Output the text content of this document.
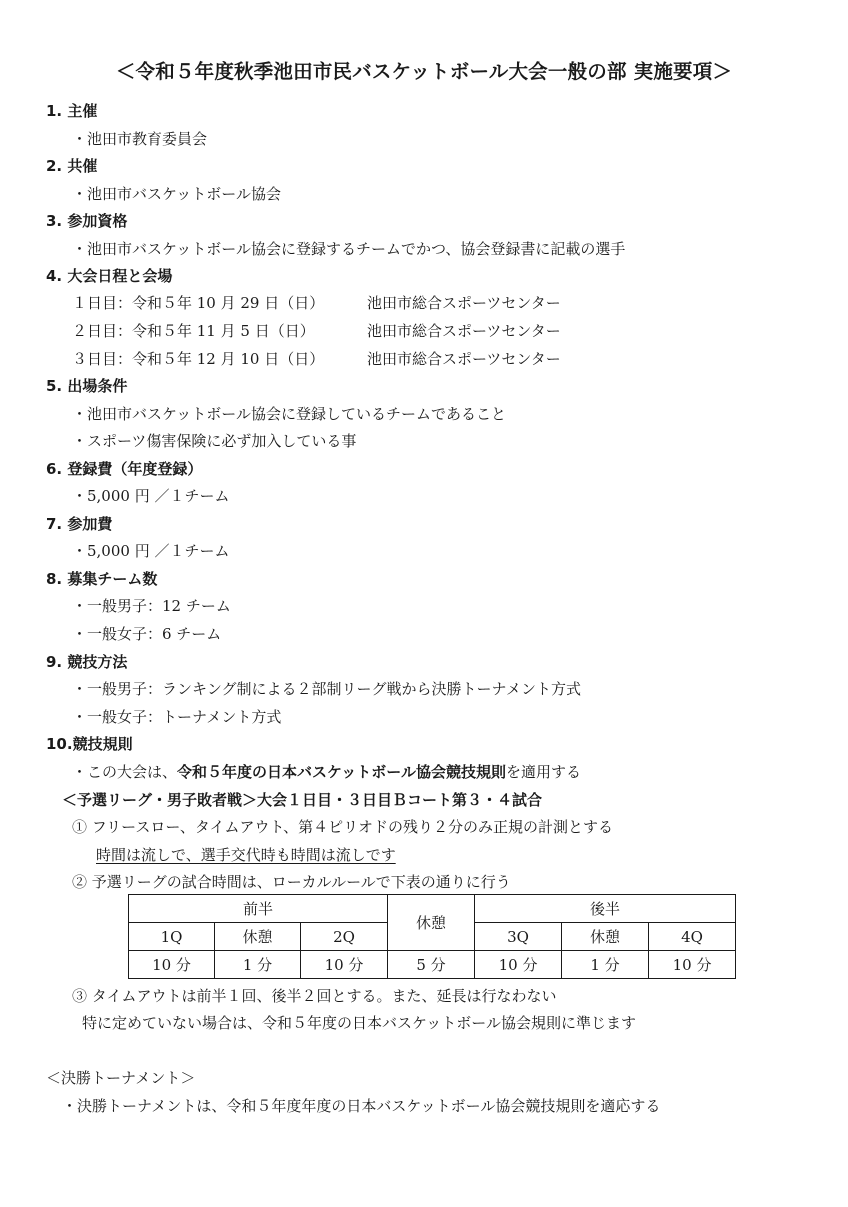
＜令和５年度秋季池田市民バスケットボール大会一般の部 実施要項＞
1. 主催
・池田市教育委員会
2. 共催
・池田市バスケットボール協会
3. 参加資格
・池田市バスケットボール協会に登録するチームでかつ、協会登録書に記載の選手
4. 大会日程と会場
１日目：令和５年 10 月 29 日（日）	池田市総合スポーツセンター
２日目：令和５年 11 月 5 日（日）	池田市総合スポーツセンター
３日目：令和５年 12 月 10 日（日）	池田市総合スポーツセンター
5. 出場条件
・池田市バスケットボール協会に登録しているチームであること
・スポーツ傷害保険に必ず加入している事
6. 登録費（年度登録）
・5,000 円 ／１チーム
7. 参加費
・5,000 円 ／１チーム
8. 募集チーム数
・一般男子：12 チーム
・一般女子：6 チーム
9. 競技方法
・一般男子：ランキング制による２部制リーグ戦から決勝トーナメント方式
・一般女子：トーナメント方式
10.競技規則
・この大会は、令和５年度の日本バスケットボール協会競技規則を適用する
＜予選リーグ・男子敗者戦＞大会１日目・３日目Ｂコート第３・４試合
① フリースロー、タイムアウト、第４ピリオドの残り２分のみ正規の計測とする
時間は流しで、選手交代時も時間は流しです
② 予選リーグの試合時間は、ローカルルールで下表の通りに行う
前半			休憩	後半		
1Q	休憩	2Q		3Q	休憩	4Q
10 分	1 分	10 分	5 分	10 分	1 分	10 分
③ タイムアウトは前半１回、後半２回とする。また、延長は行なわない
特に定めていない場合は、令和５年度の日本バスケットボール協会規則に準じます
＜決勝トーナメント＞
・決勝トーナメントは、令和５年度年度の日本バスケットボール協会競技規則を適応する
